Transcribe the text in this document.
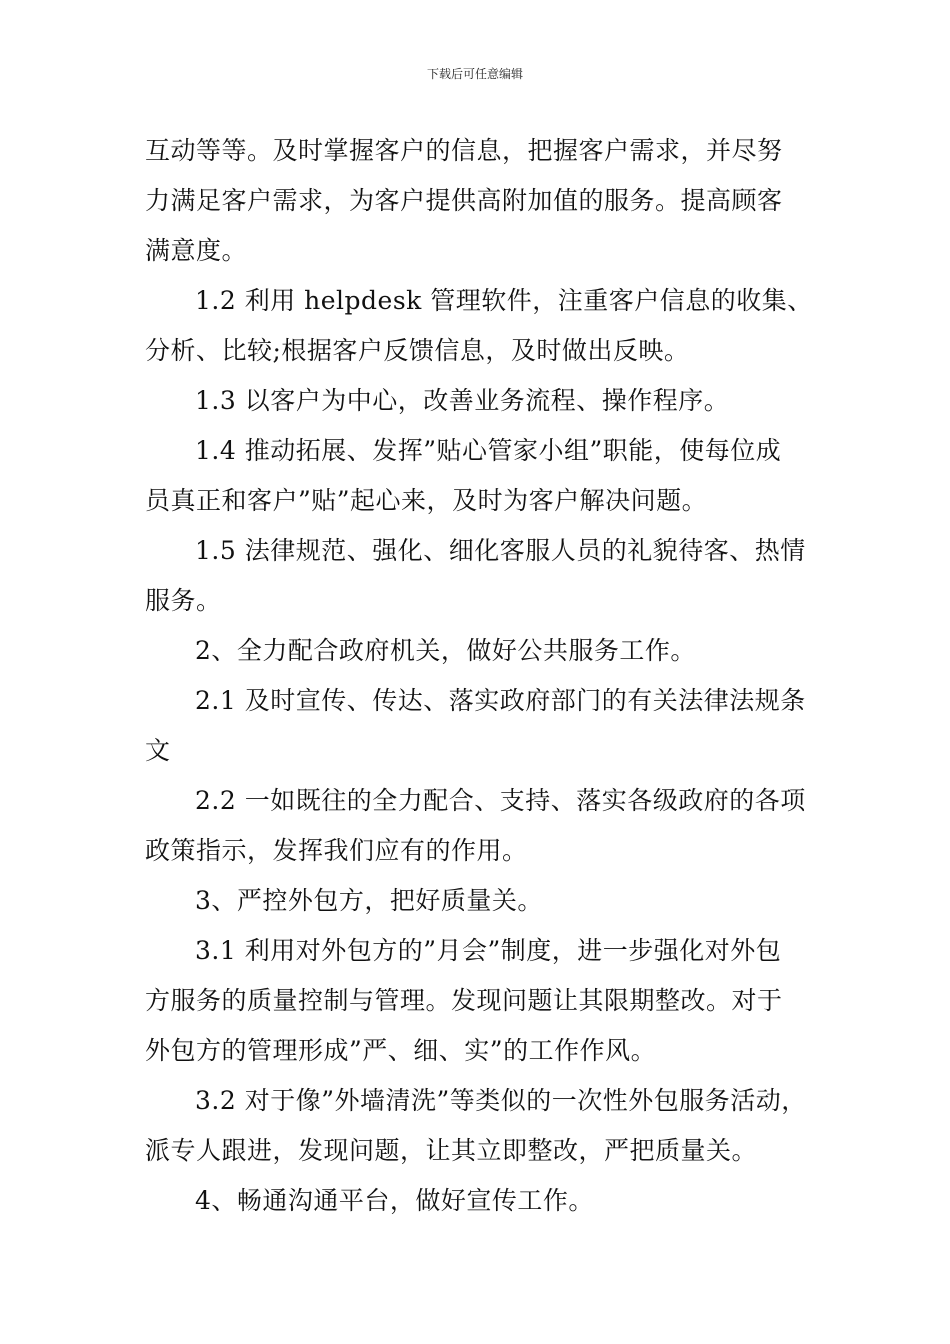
下载后可任意编辑

互动等等。及时掌握客户的信息，把握客户需求，并尽努

力满足客户需求，为客户提供高附加值的服务。提高顾客

满意度。

1.2 利用 helpdesk 管理软件，注重客户信息的收集、

分析、比较;根据客户反馈信息，及时做出反映。

1.3 以客户为中心，改善业务流程、操作程序。

1.4 推动拓展、发挥”贴心管家小组”职能，使每位成

员真正和客户”贴”起心来，及时为客户解决问题。

1.5 法律规范、强化、细化客服人员的礼貌待客、热情

服务。

2、全力配合政府机关，做好公共服务工作。

2.1 及时宣传、传达、落实政府部门的有关法律法规条

文

2.2 一如既往的全力配合、支持、落实各级政府的各项

政策指示，发挥我们应有的作用。

3、严控外包方，把好质量关。

3.1 利用对外包方的”月会”制度，进一步强化对外包

方服务的质量控制与管理。发现问题让其限期整改。对于

外包方的管理形成”严、细、实”的工作作风。

3.2 对于像”外墙清洗”等类似的一次性外包服务活动，

派专人跟进，发现问题，让其立即整改，严把质量关。

4、畅通沟通平台，做好宣传工作。
